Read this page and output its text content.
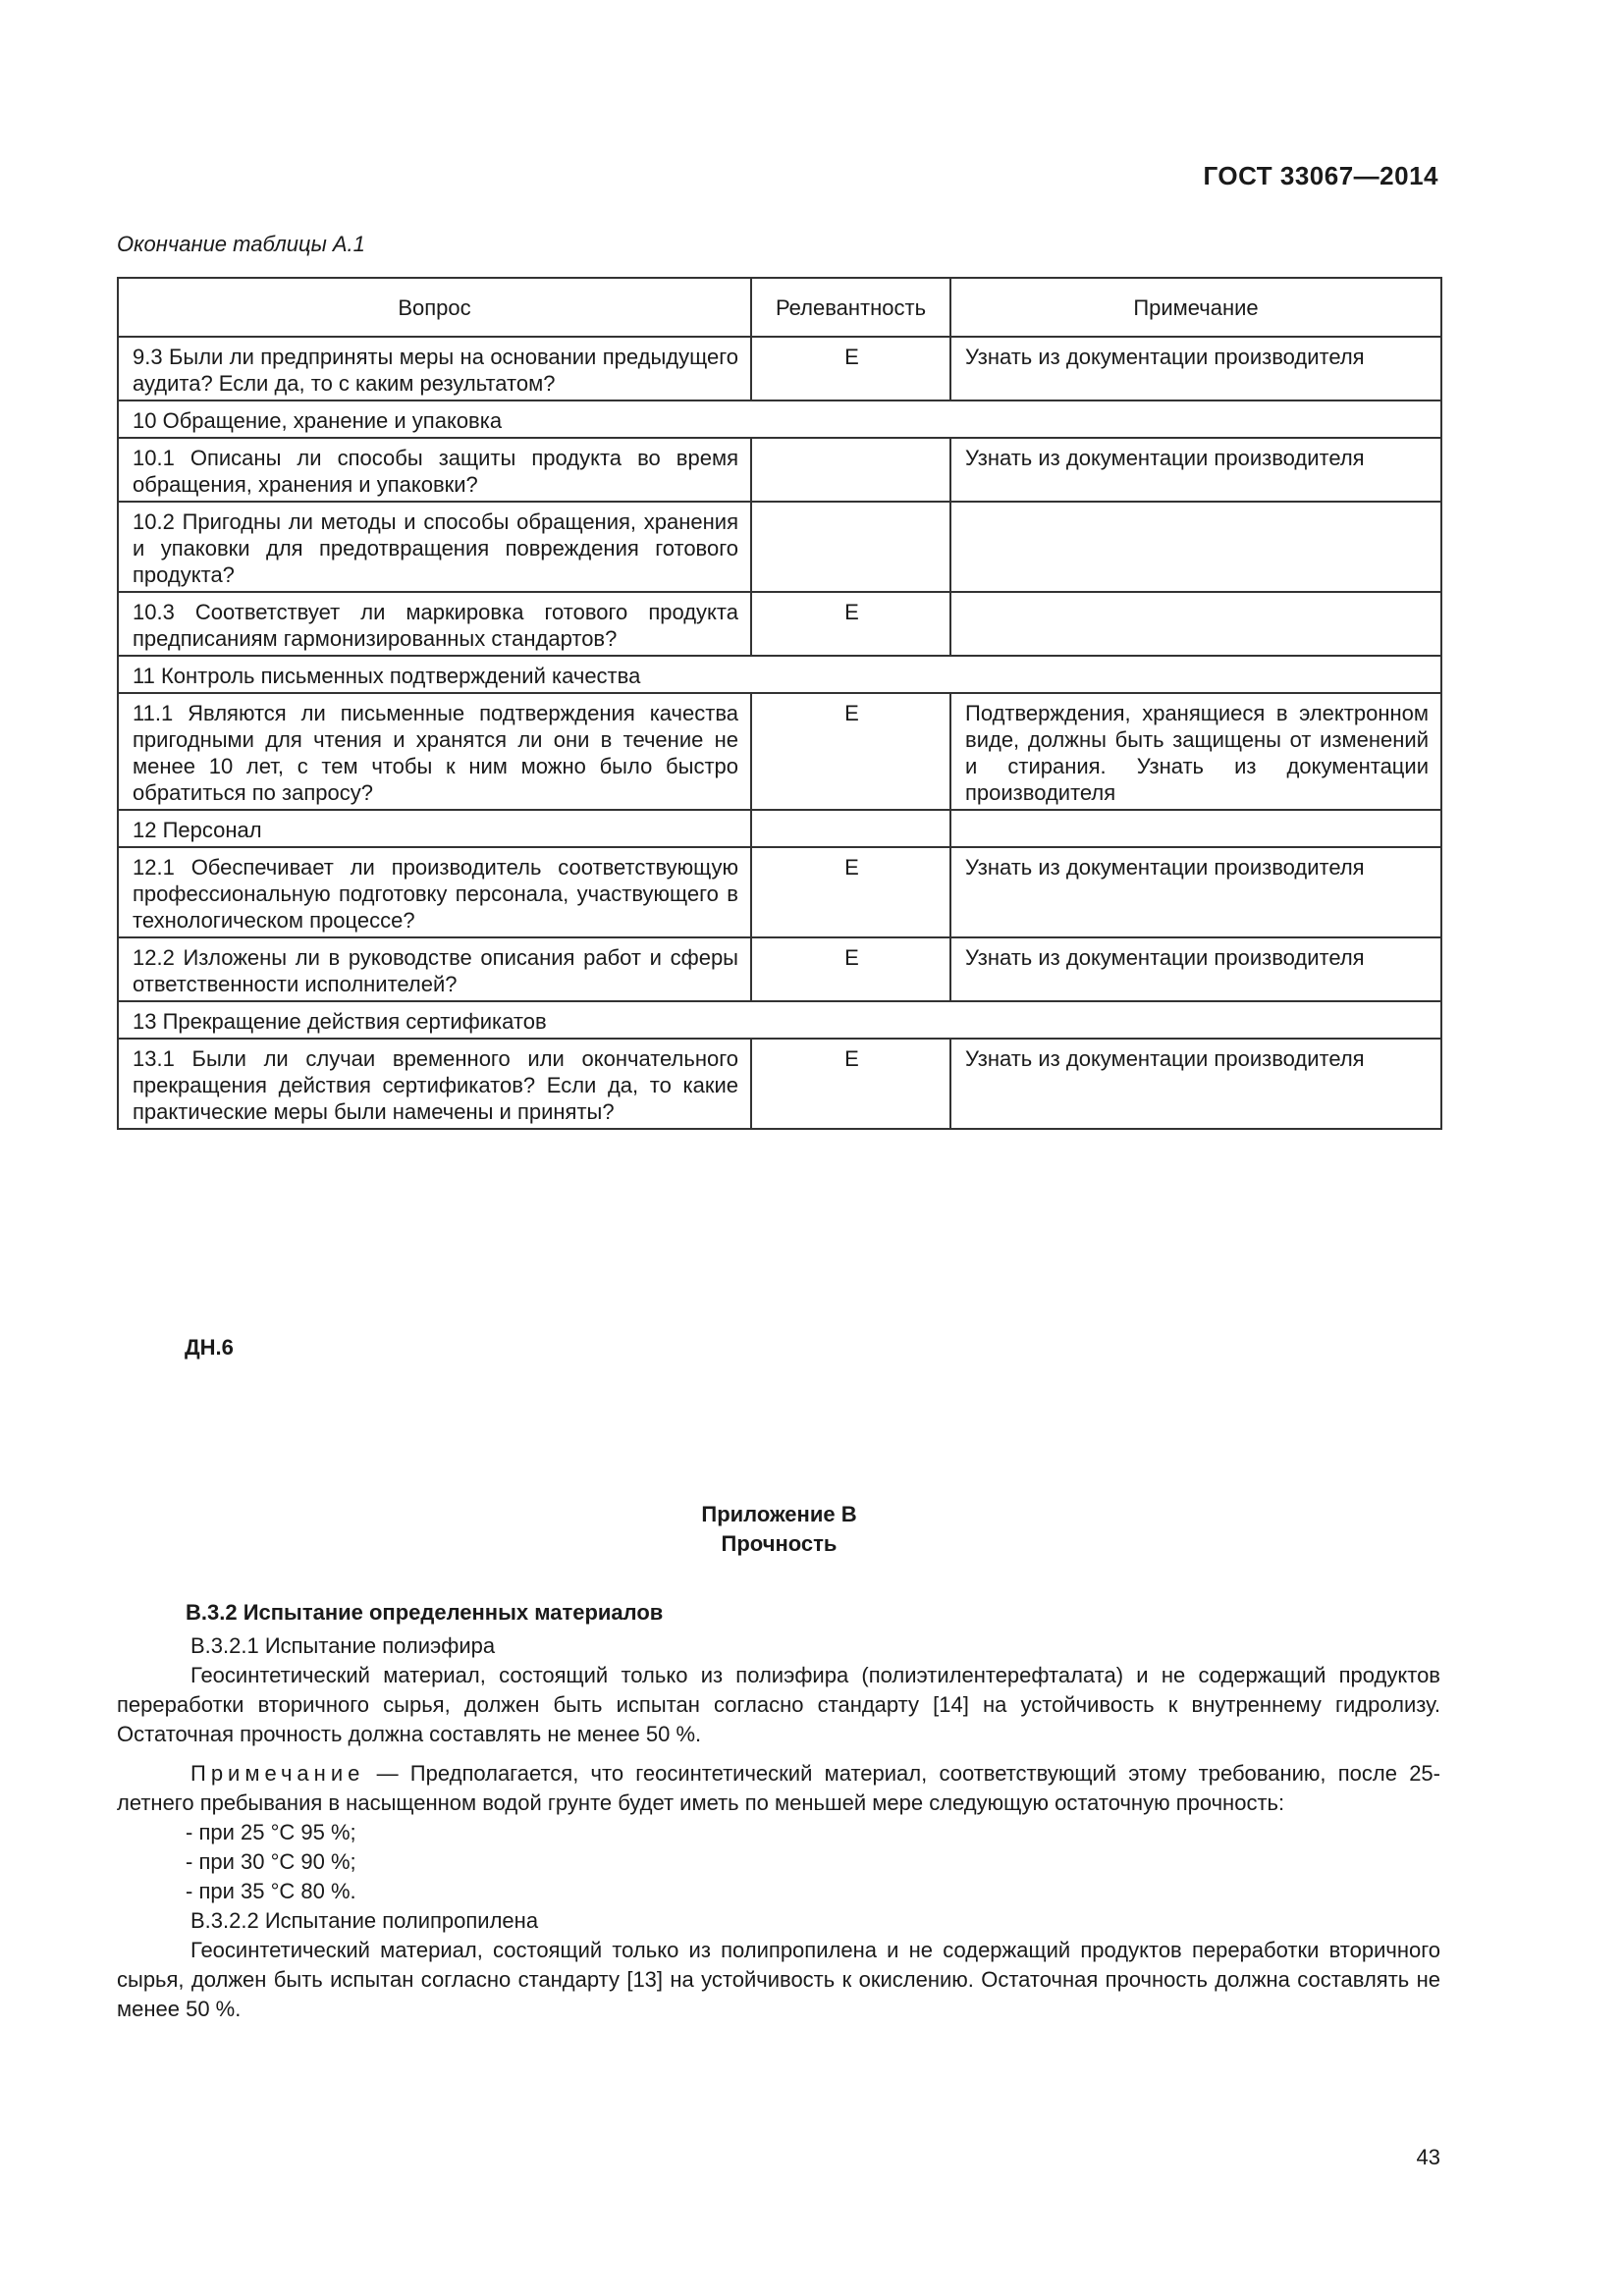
ГОСТ 33067—2014
Окончание таблицы А.1
Вопрос	Релевантность	Примечание
9.3 Были ли предприняты меры на основании предыдущего аудита? Если да, то с каким результатом?	Е	Узнать из документации производителя
10 Обращение, хранение и упаковка		
10.1 Описаны ли способы защиты продукта во время обращения, хранения и упаковки?		Узнать из документации производителя
10.2 Пригодны ли методы и способы обращения, хранения и упаковки для предотвращения повреждения готового продукта?		
10.3 Соответствует ли маркировка готового продукта предписаниям гармонизированных стандартов?	Е	
11 Контроль письменных подтверждений качества		
11.1 Являются ли письменные подтверждения качества пригодными для чтения и хранятся ли они в течение не менее 10 лет, с тем чтобы к ним можно было быстро обратиться по запросу?	Е	Подтверждения, хранящиеся в электронном виде, должны быть защищены от изменений и стирания. Узнать из документации производителя
12 Персонал		
12.1 Обеспечивает ли производитель соответствующую профессиональную подготовку персонала, участвующего в технологическом процессе?	Е	Узнать из документации производителя
12.2 Изложены ли в руководстве описания работ и сферы ответственности исполнителей?	Е	Узнать из документации производителя
13 Прекращение действия сертификатов		
13.1 Были ли случаи временного или окончательного прекращения действия сертификатов? Если да, то какие практические меры были намечены и приняты?	Е	Узнать из документации производителя
ДН.6
Приложение В
Прочность

В.3.2 Испытание определенных материалов

В.3.2.1 Испытание полиэфира

Геосинтетический материал, состоящий только из полиэфира (полиэтилентерефталата) и не содержащий продуктов переработки вторичного сырья, должен быть испытан согласно стандарту [14] на устойчивость к внутреннему гидролизу. Остаточная прочность должна составлять не менее 50 %.

Примечание — Предполагается, что геосинтетический материал, соответствующий этому требованию, после 25-летнего пребывания в насыщенном водой грунте будет иметь по меньшей мере следующую остаточную прочность:

- при 25 °С 95 %;

- при 30 °С 90 %;

- при 35 °С 80 %.

В.3.2.2 Испытание полипропилена

Геосинтетический материал, состоящий только из полипропилена и не содержащий продуктов переработки вторичного сырья, должен быть испытан согласно стандарту [13] на устойчивость к окислению. Остаточная прочность должна составлять не менее 50 %.

43
